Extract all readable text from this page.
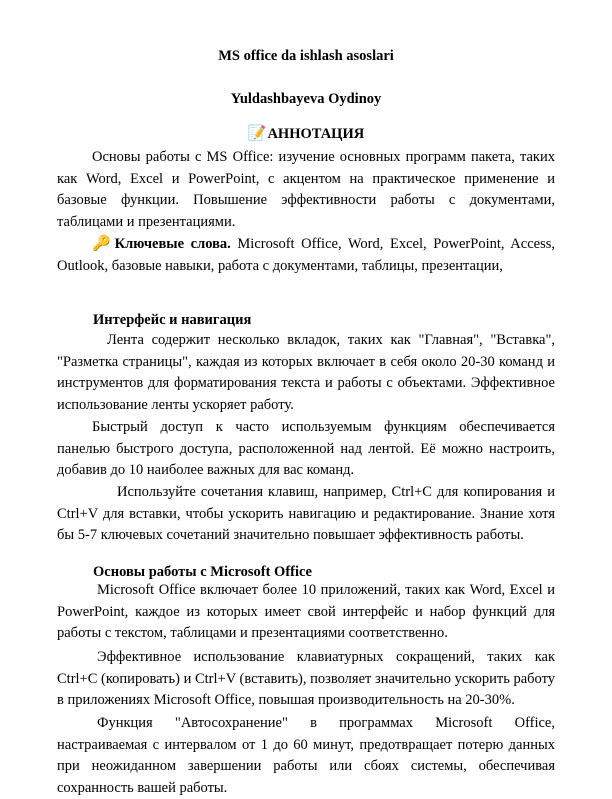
MS office da ishlash asoslari
Yuldashbayeva Oydinoy
📝АННОТАЦИЯ
Основы работы с MS Office: изучение основных программ пакета, таких как Word, Excel и PowerPoint, с акцентом на практическое применение и базовые функции. Повышение эффективности работы с документами, таблицами и презентациями.
🔑Ключевые слова. Microsoft Office, Word, Excel, PowerPoint, Access, Outlook, базовые навыки, работа с документами, таблицы, презентации,
Интерфейс и навигация
Лента содержит несколько вкладок, таких как "Главная", "Вставка", "Разметка страницы", каждая из которых включает в себя около 20-30 команд и инструментов для форматирования текста и работы с объектами. Эффективное использование ленты ускоряет работу.
Быстрый доступ к часто используемым функциям обеспечивается панелью быстрого доступа, расположенной над лентой. Её можно настроить, добавив до 10 наиболее важных для вас команд.
Используйте сочетания клавиш, например, Ctrl+C для копирования и Ctrl+V для вставки, чтобы ускорить навигацию и редактирование. Знание хотя бы 5-7 ключевых сочетаний значительно повышает эффективность работы.
Основы работы с Microsoft Office
Microsoft Office включает более 10 приложений, таких как Word, Excel и PowerPoint, каждое из которых имеет свой интерфейс и набор функций для работы с текстом, таблицами и презентациями соответственно.
Эффективное использование клавиатурных сокращений, таких как Ctrl+C (копировать) и Ctrl+V (вставить), позволяет значительно ускорить работу в приложениях Microsoft Office, повышая производительность на 20-30%.
Функция "Автосохранение" в программах Microsoft Office, настраиваемая с интервалом от 1 до 60 минут, предотвращает потерю данных при неожиданном завершении работы или сбоях системы, обеспечивая сохранность вашей работы.
